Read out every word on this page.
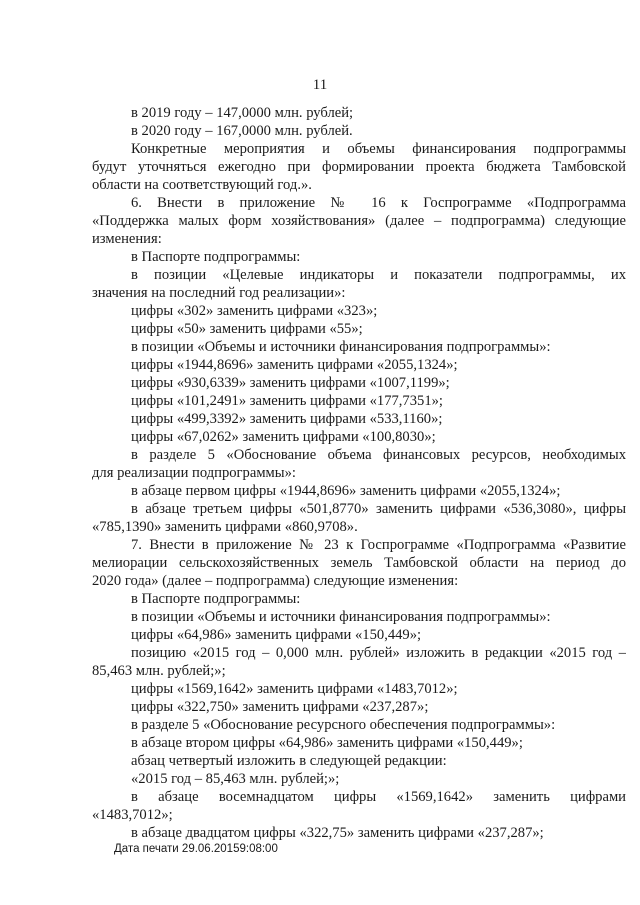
11
в 2019 году – 147,0000 млн. рублей;
в 2020 году – 167,0000 млн. рублей.
Конкретные мероприятия и объемы финансирования подпрограммы
будут уточняться ежегодно при формировании проекта бюджета Тамбовской
области на соответствующий год.».
6. Внести в приложение № 16 к Госпрограмме «Подпрограмма
«Поддержка малых форм хозяйствования» (далее – подпрограмма) следующие
изменения:
в Паспорте подпрограммы:
в позиции «Целевые индикаторы и показатели подпрограммы, их
значения на последний год реализации»:
цифры «302» заменить цифрами «323»;
цифры «50» заменить цифрами «55»;
в позиции «Объемы и источники финансирования подпрограммы»:
цифры «1944,8696» заменить цифрами «2055,1324»;
цифры «930,6339» заменить цифрами «1007,1199»;
цифры «101,2491» заменить цифрами «177,7351»;
цифры «499,3392» заменить цифрами «533,1160»;
цифры «67,0262» заменить цифрами «100,8030»;
в разделе 5 «Обоснование объема финансовых ресурсов, необходимых
для реализации подпрограммы»:
в абзаце первом цифры «1944,8696» заменить цифрами «2055,1324»;
в абзаце третьем цифры «501,8770» заменить цифрами «536,3080», цифры
«785,1390» заменить цифрами «860,9708».
7. Внести в приложение № 23 к Госпрограмме «Подпрограмма «Развитие
мелиорации сельскохозяйственных земель Тамбовской области на период до
2020 года» (далее – подпрограмма) следующие изменения:
в Паспорте подпрограммы:
в позиции «Объемы и источники финансирования подпрограммы»:
цифры «64,986» заменить цифрами «150,449»;
позицию «2015 год – 0,000 млн. рублей» изложить в редакции «2015 год –
85,463 млн. рублей;»;
цифры «1569,1642» заменить цифрами «1483,7012»;
цифры «322,750» заменить цифрами «237,287»;
в разделе 5 «Обоснование ресурсного обеспечения подпрограммы»:
в абзаце втором цифры «64,986» заменить цифрами «150,449»;
абзац четвертый изложить в следующей редакции:
«2015 год – 85,463 млн. рублей;»;
в абзаце восемнадцатом цифры «1569,1642» заменить цифрами
«1483,7012»;
в абзаце двадцатом цифры «322,75» заменить цифрами «237,287»;
Дата печати 29.06.20159:08:00
